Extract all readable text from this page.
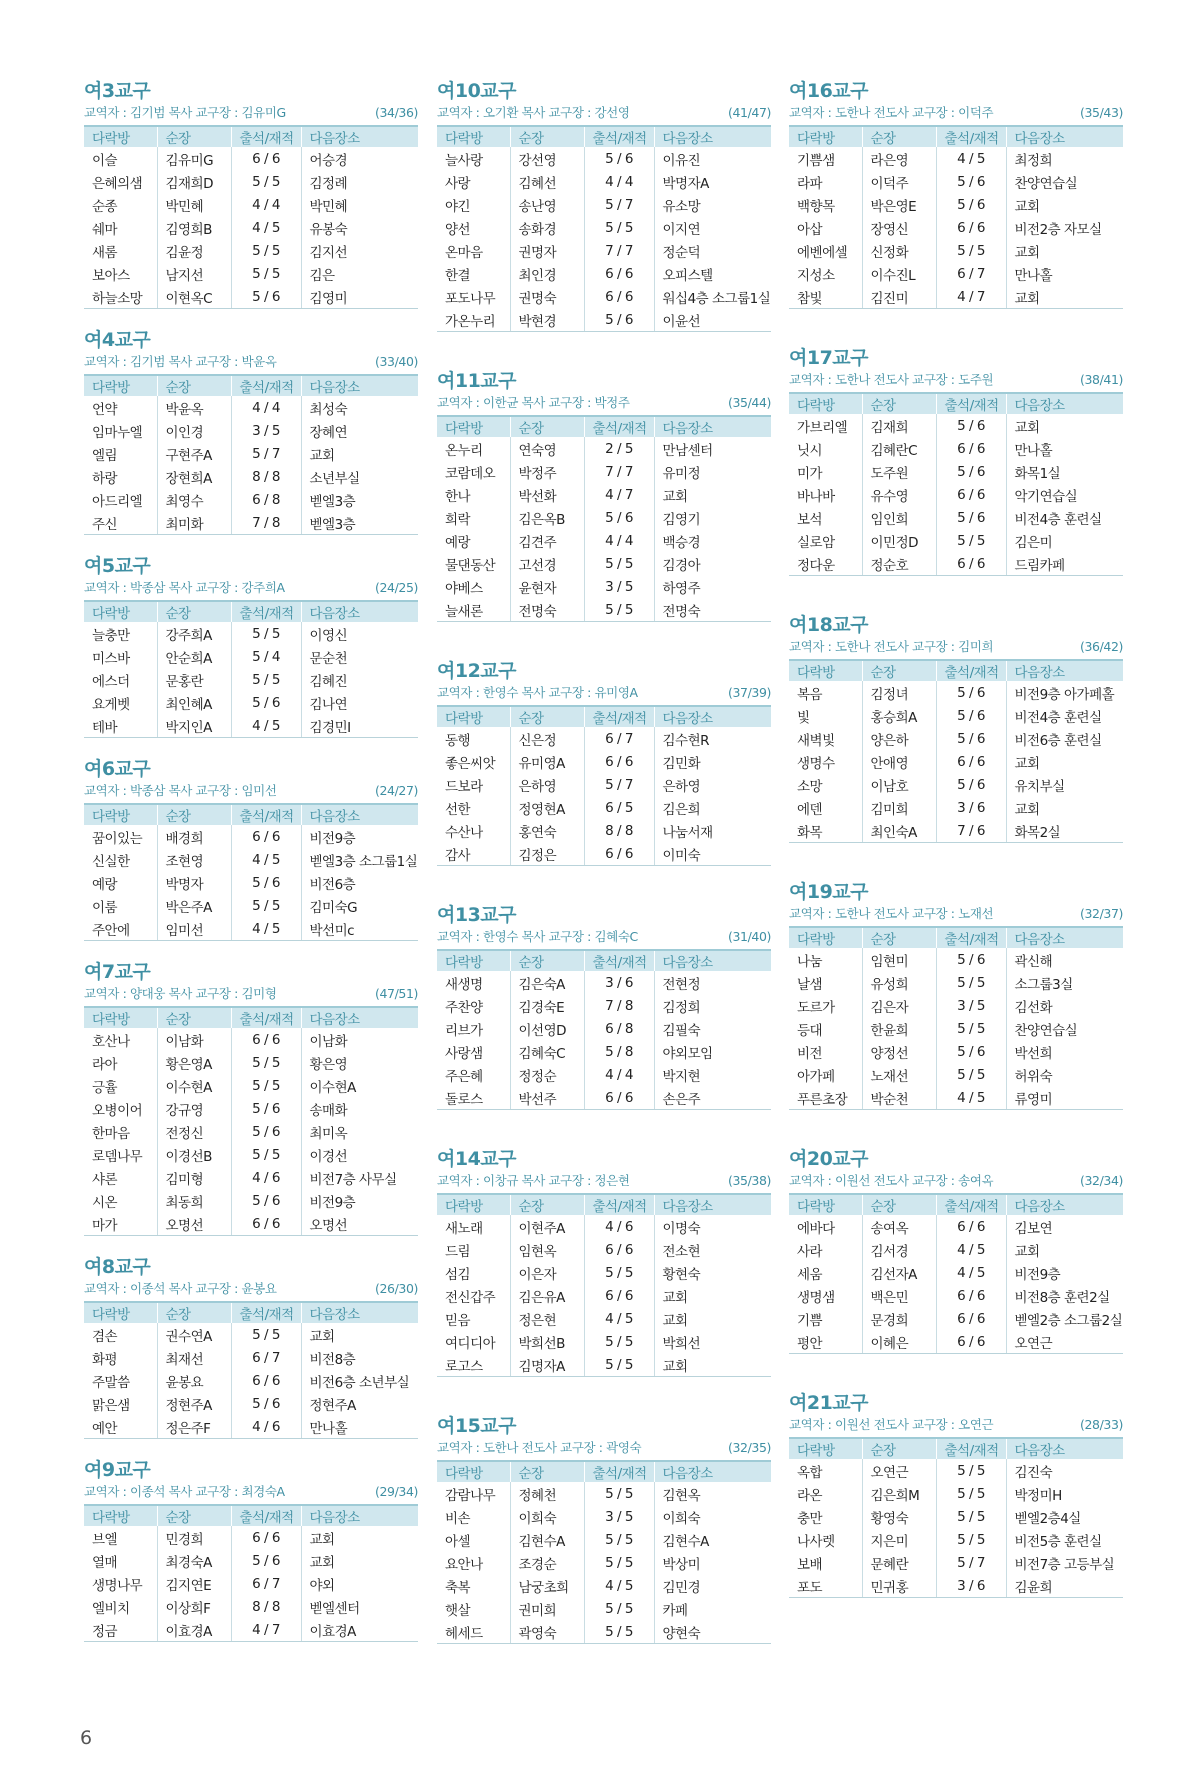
여3교구
교역자 : 김기범 목사 교구장 : 김유미G	(34/36)
다락방	순장	출석/재적	다음장소
이슬	김유미G	6 / 6	어승경
은혜의샘	김재희D	5 / 5	김정례
순종	박민혜	4 / 4	박민혜
쉐마	김영희B	4 / 5	유봉숙
새롬	김윤정	5 / 5	김지선
보아스	남지선	5 / 5	김은
하늘소망	이현옥C	5 / 6	김영미
여4교구
교역자 : 김기범 목사 교구장 : 박윤옥	(33/40)
다락방	순장	출석/재적	다음장소
언약	박윤옥	4 / 4	최성숙
임마누엘	이인경	3 / 5	장혜연
엘림	구현주A	5 / 7	교회
하랑	장현희A	8 / 8	소년부실
아드리엘	최영수	6 / 8	벧엘3층
주신	최미화	7 / 8	벧엘3층
여5교구
교역자 : 박종삼 목사 교구장 : 강주희A	(24/25)
다락방	순장	출석/재적	다음장소
늘충만	강주희A	5 / 5	이영신
미스바	안순희A	5 / 4	문순천
에스더	문홍란	5 / 5	김혜진
요게벳	최인혜A	5 / 6	김나연
테바	박지인A	4 / 5	김경민I
여6교구
교역자 : 박종삼 목사 교구장 : 임미선	(24/27)
다락방	순장	출석/재적	다음장소
꿈이있는	배경희	6 / 6	비전9층
신실한	조현영	4 / 5	벧엘3층 소그룹1실
예랑	박명자	5 / 6	비전6층
이룸	박은주A	5 / 5	김미숙G
주안에	임미선	4 / 5	박선미c
여7교구
교역자 : 양대웅 목사 교구장 : 김미형	(47/51)
다락방	순장	출석/재적	다음장소
호산나	이남화	6 / 6	이남화
라아	황은영A	5 / 5	황은영
긍휼	이수현A	5 / 5	이수현A
오병이어	강규영	5 / 6	송매화
한마음	전정신	5 / 6	최미옥
로뎀나무	이경선B	5 / 5	이경선
샤론	김미형	4 / 6	비전7층 사무실
시온	최동희	5 / 6	비전9층
마가	오명선	6 / 6	오명선
여8교구
교역자 : 이종석 목사 교구장 : 윤봉요	(26/30)
다락방	순장	출석/재적	다음장소
겸손	권수연A	5 / 5	교회
화평	최재선	6 / 7	비전8층
주말씀	윤봉요	6 / 6	비전6층 소년부실
맑은샘	정현주A	5 / 6	정현주A
예안	정은주F	4 / 6	만나홀
여9교구
교역자 : 이종석 목사 교구장 : 최경숙A	(29/34)
다락방	순장	출석/재적	다음장소
브엘	민경희	6 / 6	교회
열매	최경숙A	5 / 6	교회
생명나무	김지연E	6 / 7	야외
엘비치	이상희F	8 / 8	벧엘센터
정금	이효경A	4 / 7	이효경A
여10교구
교역자 : 오기환 목사 교구장 : 강선영	(41/47)
다락방	순장	출석/재적	다음장소
늘사랑	강선영	5 / 6	이유진
사랑	김혜선	4 / 4	박명자A
야긴	송난영	5 / 7	유소망
양선	송화경	5 / 5	이지연
온마음	권명자	7 / 7	정순덕
한결	최인경	6 / 6	오피스텔
포도나무	권명숙	6 / 6	워십4층 소그룹1실
가온누리	박현경	5 / 6	이윤선
여11교구
교역자 : 이한균 목사 교구장 : 박정주	(35/44)
다락방	순장	출석/재적	다음장소
온누리	연숙영	2 / 5	만남센터
코람데오	박정주	7 / 7	유미정
한나	박선화	4 / 7	교회
희락	김은옥B	5 / 6	김영기
예랑	김견주	4 / 4	백승경
물댄동산	고선경	5 / 5	김경아
야베스	윤현자	3 / 5	하영주
늘새론	전명숙	5 / 5	전명숙
여12교구
교역자 : 한영수 목사 교구장 : 유미영A	(37/39)
다락방	순장	출석/재적	다음장소
동행	신은정	6 / 7	김수현R
좋은씨앗	유미영A	6 / 6	김민화
드보라	은하영	5 / 7	은하영
선한	정영현A	6 / 5	김은희
수산나	홍연숙	8 / 8	나눔서재
감사	김정은	6 / 6	이미숙
여13교구
교역자 : 한영수 목사 교구장 : 김혜숙C	(31/40)
다락방	순장	출석/재적	다음장소
새생명	김은숙A	3 / 6	전현정
주찬양	김경숙E	7 / 8	김정희
리브가	이선영D	6 / 8	김필숙
사랑샘	김혜숙C	5 / 8	야외모임
주은혜	정정순	4 / 4	박지현
돌로스	박선주	6 / 6	손은주
여14교구
교역자 : 이창규 목사 교구장 : 정은현	(35/38)
다락방	순장	출석/재적	다음장소
새노래	이현주A	4 / 6	이명숙
드림	임현옥	6 / 6	전소현
섬김	이은자	5 / 5	황현숙
전신갑주	김은유A	6 / 6	교회
믿음	정은현	4 / 5	교회
여디디아	박희선B	5 / 5	박희선
로고스	김명자A	5 / 5	교회
여15교구
교역자 : 도한나 전도사 교구장 : 곽영숙	(32/35)
다락방	순장	출석/재적	다음장소
감람나무	정혜천	5 / 5	김현옥
비손	이희숙	3 / 5	이희숙
아셀	김현수A	5 / 5	김현수A
요안나	조경순	5 / 5	박상미
축복	남궁초희	4 / 5	김민경
햇살	권미희	5 / 5	카페
헤세드	곽영숙	5 / 5	양현숙
여16교구
교역자 : 도한나 전도사 교구장 : 이덕주	(35/43)
다락방	순장	출석/재적	다음장소
기쁨샘	라은영	4 / 5	최정희
라파	이덕주	5 / 6	찬양연습실
백향목	박은영E	5 / 6	교회
아삽	장영신	6 / 6	비전2층 자모실
에벤에셀	신정화	5 / 5	교회
지성소	이수진L	6 / 7	만나홀
참빛	김진미	4 / 7	교회
여17교구
교역자 : 도한나 전도사 교구장 : 도주원	(38/41)
다락방	순장	출석/재적	다음장소
가브리엘	김재희	5 / 6	교회
닛시	김혜란C	6 / 6	만나홀
미가	도주원	5 / 6	화목1실
바나바	유수영	6 / 6	악기연습실
보석	임인희	5 / 6	비전4층 훈련실
실로암	이민정D	5 / 5	김은미
정다운	정순호	6 / 6	드림카페
여18교구
교역자 : 도한나 전도사 교구장 : 김미희	(36/42)
다락방	순장	출석/재적	다음장소
복음	김정녀	5 / 6	비전9층 아가페홀
빛	홍승희A	5 / 6	비전4층 훈련실
새벽빛	양은하	5 / 6	비전6층 훈련실
생명수	안애영	6 / 6	교회
소망	이남호	5 / 6	유치부실
에덴	김미희	3 / 6	교회
화목	최인숙A	7 / 6	화목2실
여19교구
교역자 : 도한나 전도사 교구장 : 노재선	(32/37)
다락방	순장	출석/재적	다음장소
나눔	임현미	5 / 6	곽신해
날샘	유성희	5 / 5	소그룹3실
도르가	김은자	3 / 5	김선화
등대	한윤희	5 / 5	찬양연습실
비전	양정선	5 / 6	박선희
아가페	노재선	5 / 5	허위숙
푸른초장	박순천	4 / 5	류영미
여20교구
교역자 : 이원선 전도사 교구장 : 송여옥	(32/34)
다락방	순장	출석/재적	다음장소
에바다	송여옥	6 / 6	김보연
사라	김서경	4 / 5	교회
세움	김선자A	4 / 5	비전9층
생명샘	백은민	6 / 6	비전8층 훈련2실
기쁨	문경희	6 / 6	벧엘2층 소그룹2실
평안	이혜은	6 / 6	오연근
여21교구
교역자 : 이원선 전도사 교구장 : 오연근	(28/33)
다락방	순장	출석/재적	다음장소
옥합	오연근	5 / 5	김진숙
라온	김은희M	5 / 5	박정미H
충만	황영숙	5 / 5	벧엘2층4실
나사렛	지은미	5 / 5	비전5층 훈련실
보배	문혜란	5 / 7	비전7층 고등부실
포도	민귀홍	3 / 6	김윤희
6
